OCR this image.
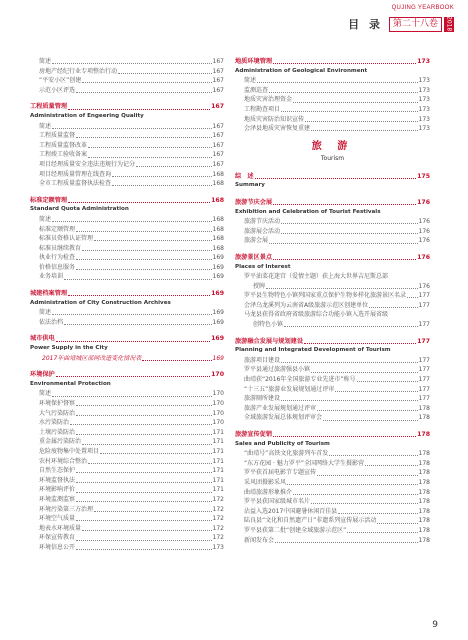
QUJING YEARBOOK
目 录	第二十八卷	2018
简述	167
房地产经纪行业专项整治行动	167
“平安小区”创建	167
示范小区评选	167
工程质量管理	167
Administration of Engeering Quality
简述	167
工程质量监督	167
工程质量监督改革	167
工程竣工验收备案	167
项目经理质量安全违法违规行为记分	167
项目经理质量管理在线查询	168
全市工程质量监督执法检查	168
标准定额管理	168
Standard Quota Administration
简述	168
标准定额管理	168
标准员资格认证管理	168
标准员继续教育	168
执业行为检查	169
价格信息服务	169
业务培训	169
城建档案管理	169
Administration of City Construction Archives
简述	169
依法治档	169
城市供电	169
Power Supply in the City
2017年曲靖城区部网改造变化情况表	169
环境保护	170
Environmental Protection
简述	170
环境保护督察	170
大气污染防治	170
水污染防治	170
土壤污染防治	171
重金属污染防治	171
危险废物集中处置项目	171
农村环境综合整治	171
自然生态保护	171
环境监督执法	171
环境影响评价	171
环境监测监察	172
环境污染第三方治理	172
环境空气质量	172
地表水环境质量	172
环保宣传教育	172
环境信息公开	173
地质环境管理	173
Administration of Geological Environment
简述	173
监测巡查	173
地质灾害治理资金	173
工程勘查项目	173
地质灾害防治知识宣传	173
会泽县地质灾害恢复重建	173
旅 游
Tourism
综　述	175
Summary
旅游节庆会展	176
Exhibition and Celebration of Tourist Festivals
旅游节庆活动	176
旅游展会活动	176
旅游会展	176
旅游景区景点	176
Places of Interest
罗平油菜花迷宫（爱情主题）获上海大世界吉尼斯总部
授牌	176
罗平县生物特色小镇列国家重点保护生物多样化旅游景区名录 177
会泽乌龙溪列为云南省A级旅游示范区创建单位	177
马龙县获得省政府省级旅游综合功能小镇入选开展省级
创特色小镇	177
旅游融合发展与规划建设	177
Planning and Integrated Development of Tourism
旅游项目建设	177
罗平县通过旅游强县小镇	177
曲靖获“2016年全国旅游专业先进市”称号	177
“十三五”旅游业发展规划通过评审	177
旅游厕所建设	177
旅游产业发展规划通过评审	178
全域旅游发展总体规划评审会	178
旅游宣传促销	178
Sales and Publicity of Tourism
“曲靖号”高铁文化旅游列车首发	178
“东方花园 · 魅力罗平”全国网络大学生摄影营	178
罗平获首届电影节专题宣传	178
采风团摄影采风	178
曲靖旅游形象推介	178
罗平县获国家级城市名片	178
沾益入选2017中国避暑休闲百佳县	178
陆良县“文化和自然遗产日”非遗系列宣传展示活动	178
罗平县获第二批“创建全域旅游示范区”	178
新闻发布会	178
9
